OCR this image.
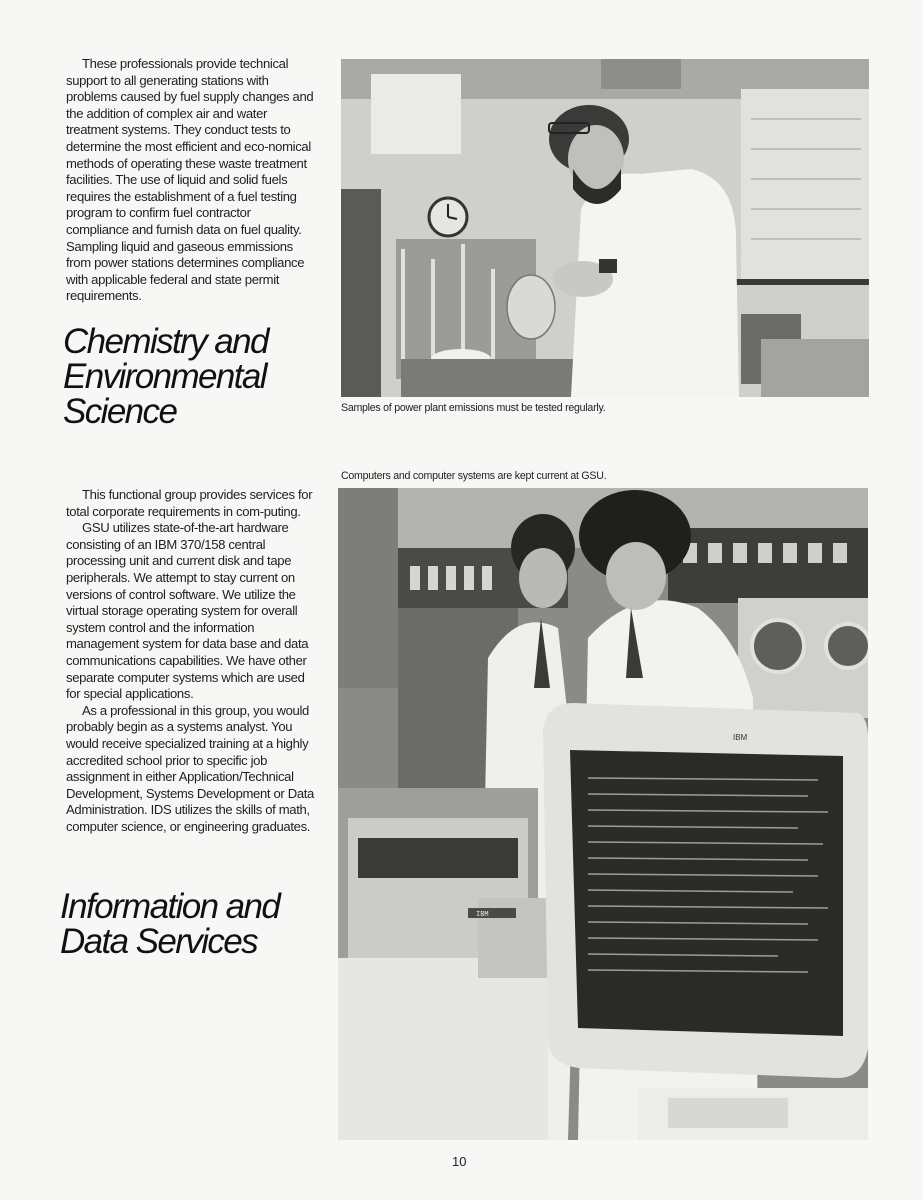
These professionals provide technical support to all generating stations with problems caused by fuel supply changes and the addition of complex air and water treatment systems. They conduct tests to determine the most efficient and eco-nomical methods of operating these waste treatment facilities. The use of liquid and solid fuels requires the establishment of a fuel testing program to confirm fuel contractor compliance and furnish data on fuel quality. Sampling liquid and gaseous emmissions from power stations determines compliance with applicable federal and state permit requirements.

Chemistry and
Environmental
Science	Samples of power plant emissions must be tested regularly.
Computers and computer systems are kept current at GSU.
IBM
IBM

This functional group provides services for total corporate requirements in com-puting.

GSU utilizes state-of-the-art hardware consisting of an IBM 370/158 central processing unit and current disk and tape peripherals. We attempt to stay current on versions of control software. We utilize the virtual storage operating system for overall system control and the information management system for data base and data communications capabilities. We have other separate computer systems which are used for special applications.

As a professional in this group, you would probably begin as a systems analyst. You would receive specialized training at a highly accredited school prior to specific job assignment in either Application/Technical Development, Systems Development or Data Administration. IDS utilizes the skills of math, computer science, or engineering graduates.

Information and
Data Services
10
